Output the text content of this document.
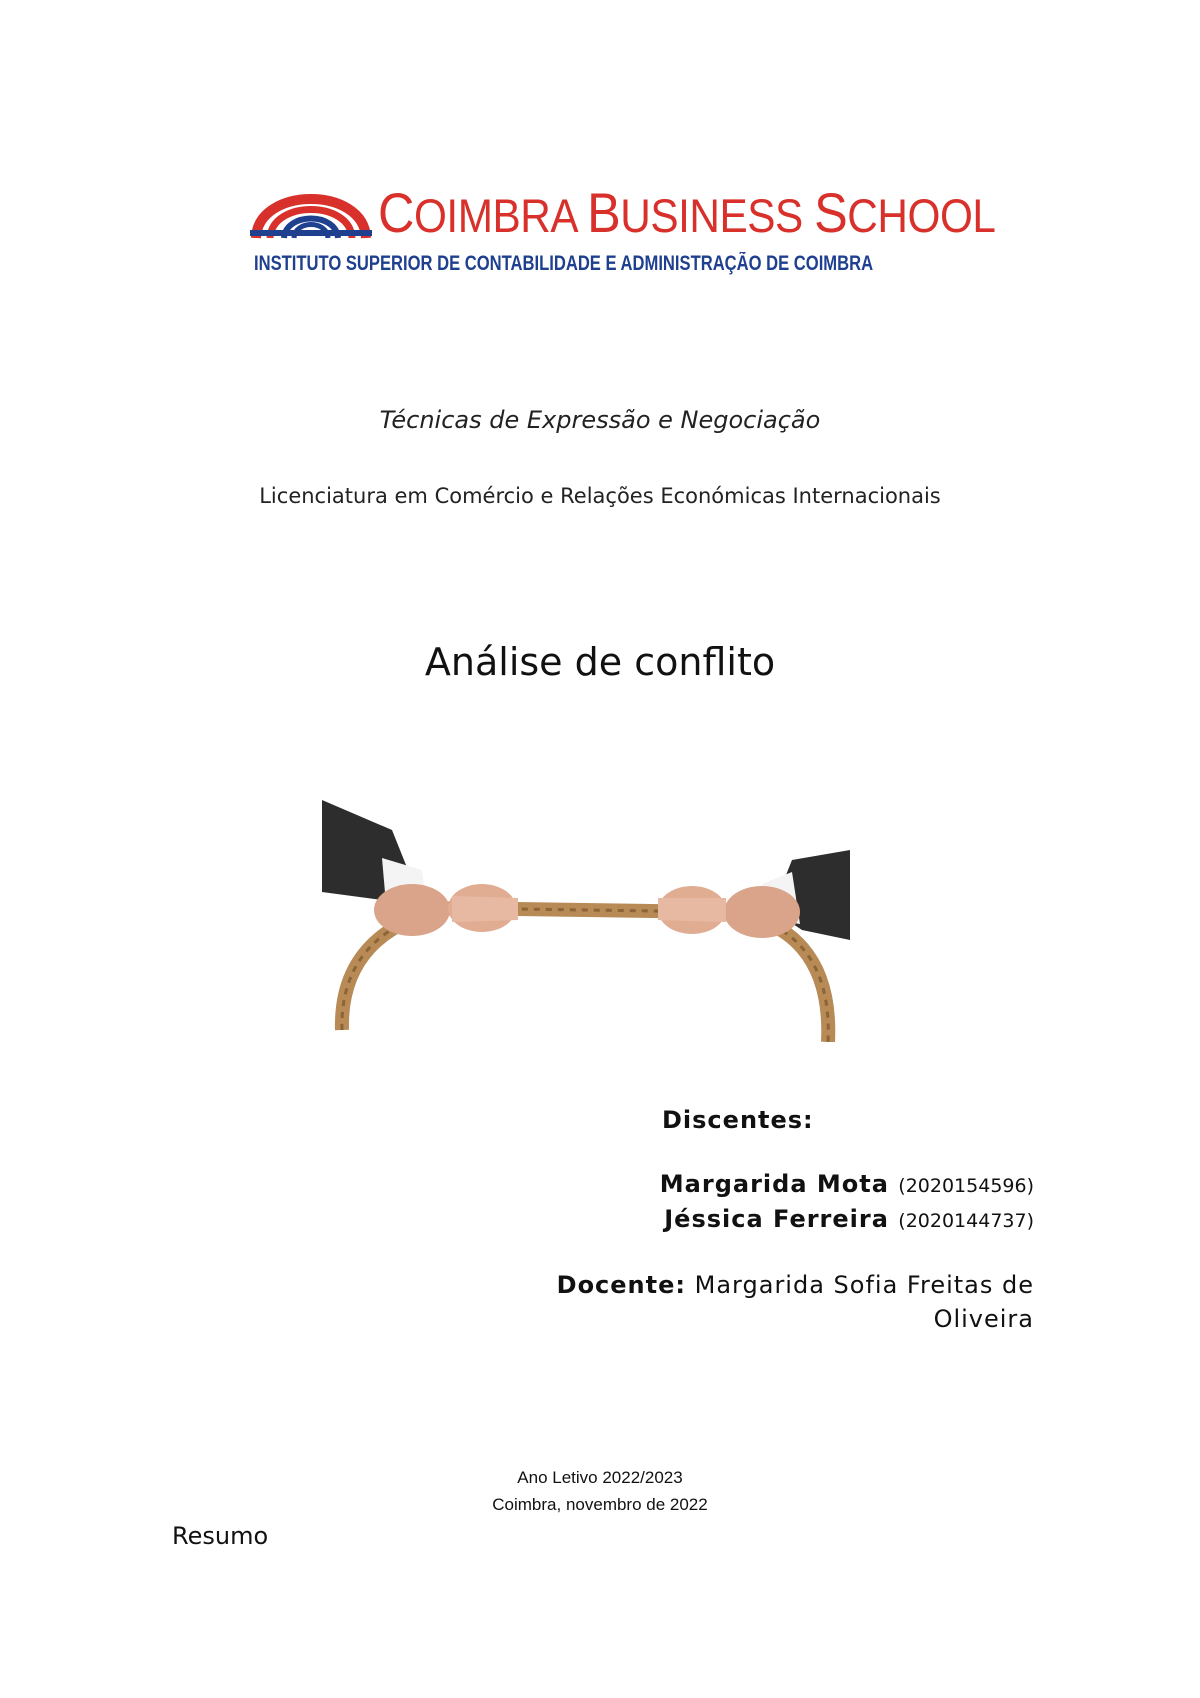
COIMBRA BUSINESS SCHOOL
INSTITUTO SUPERIOR DE CONTABILIDADE E ADMINISTRAÇÃO DE COIMBRA
Técnicas de Expressão e Negociação
Licenciatura em Comércio e Relações Económicas Internacionais
Análise de conflito
Discentes:
Margarida Mota (2020154596)
Jéssica Ferreira (2020144737)
Docente: Margarida Sofia Freitas de Oliveira
Ano Letivo 2022/2023
Coimbra, novembro de 2022
Resumo
